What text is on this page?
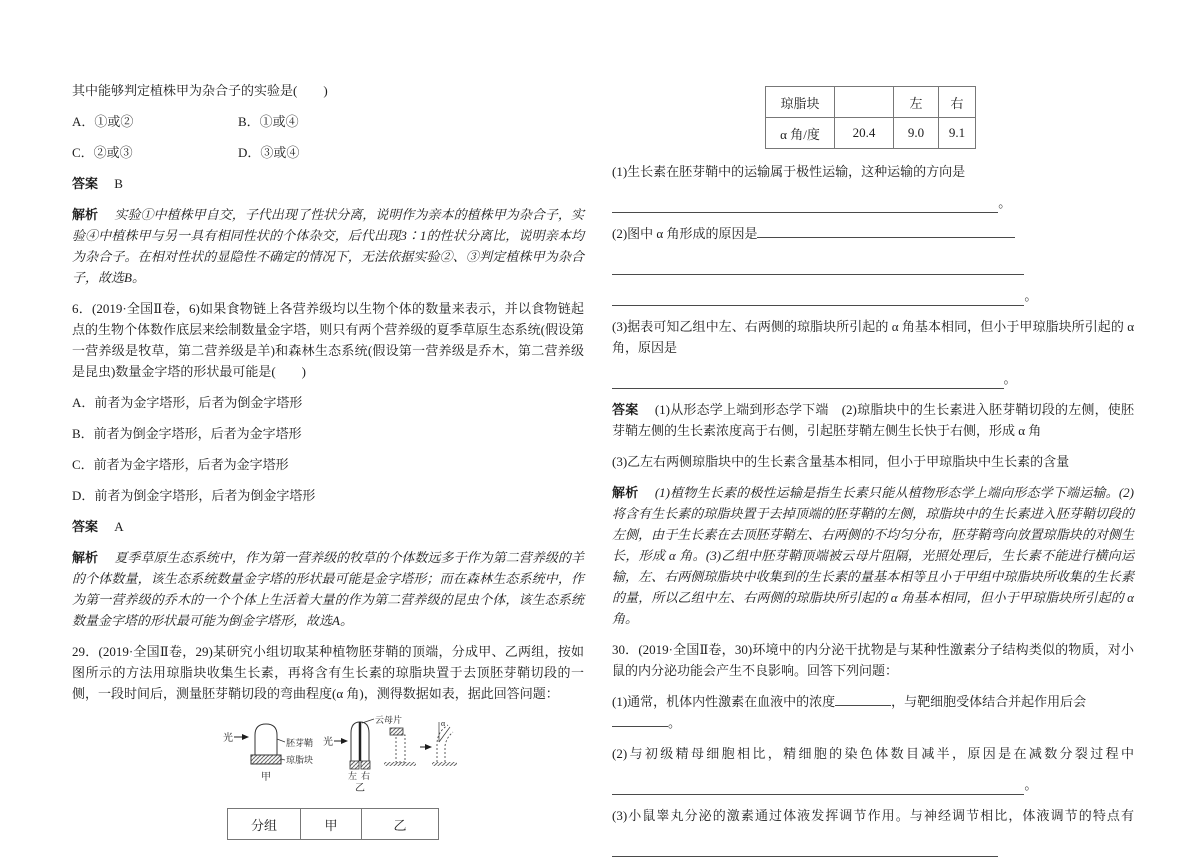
其中能够判定植株甲为杂合子的实验是(　　)

A．①或②	B．①或④
C．②或③	D．③或④

答案 B

解析 实验①中植株甲自交，子代出现了性状分离，说明作为亲本的植株甲为杂合子，实验④中植株甲与另一具有相同性状的个体杂交，后代出现3∶1的性状分离比，说明亲本均为杂合子。在相对性状的显隐性不确定的情况下，无法依据实验②、③判定植株甲为杂合子，故选B。

6．(2019·全国Ⅱ卷，6)如果食物链上各营养级均以生物个体的数量来表示，并以食物链起点的生物个体数作底层来绘制数量金字塔，则只有两个营养级的夏季草原生态系统(假设第一营养级是牧草，第二营养级是羊)和森林生态系统(假设第一营养级是乔木，第二营养级是昆虫)数量金字塔的形状最可能是(　　)

A．前者为金字塔形，后者为倒金字塔形

B．前者为倒金字塔形，后者为金字塔形

C．前者为金字塔形，后者为金字塔形

D．前者为倒金字塔形，后者为倒金字塔形

答案 A

解析 夏季草原生态系统中，作为第一营养级的牧草的个体数远多于作为第二营养级的羊的个体数量，该生态系统数量金字塔的形状最可能是金字塔形；而在森林生态系统中，作为第一营养级的乔木的一个个体上生活着大量的作为第二营养级的昆虫个体，该生态系统数量金字塔的形状最可能为倒金字塔形，故选A。

29．(2019·全国Ⅱ卷，29)某研究小组切取某种植物胚芽鞘的顶端，分成甲、乙两组，按如图所示的方法用琼脂块收集生长素，再将含有生长素的琼脂块置于去顶胚芽鞘切段的一侧，一段时间后，测量胚芽鞘切段的弯曲程度(α 角)，测得数据如表，据此回答问题：

光	胚芽鞘
琼脂块
甲
光
云母片
左 右
乙
α
分组	甲	乙
琼脂块		左	右
α 角/度	20.4	9.0	9.1

(1)生长素在胚芽鞘中的运输属于极性运输，这种运输的方向是

。

(2)图中 α 角形成的原因是

。

(3)据表可知乙组中左、右两侧的琼脂块所引起的 α 角基本相同，但小于甲琼脂块所引起的 α 角，原因是

。

答案 (1)从形态学上端到形态学下端　(2)琼脂块中的生长素进入胚芽鞘切段的左侧，使胚芽鞘左侧的生长素浓度高于右侧，引起胚芽鞘左侧生长快于右侧，形成 α 角

(3)乙左右两侧琼脂块中的生长素含量基本相同，但小于甲琼脂块中生长素的含量

解析 (1)植物生长素的极性运输是指生长素只能从植物形态学上端向形态学下端运输。(2)将含有生长素的琼脂块置于去掉顶端的胚芽鞘的左侧，琼脂块中的生长素进入胚芽鞘切段的左侧，由于生长素在去顶胚芽鞘左、右两侧的不均匀分布，胚芽鞘弯向放置琼脂块的对侧生长，形成 α 角。(3)乙组中胚芽鞘顶端被云母片阻隔，光照处理后，生长素不能进行横向运输，左、右两侧琼脂块中收集到的生长素的量基本相等且小于甲组中琼脂块所收集的生长素的量，所以乙组中左、右两侧的琼脂块所引起的 α 角基本相同，但小于甲琼脂块所引起的 α 角。

30．(2019·全国Ⅱ卷，30)环境中的内分泌干扰物是与某种性激素分子结构类似的物质，对小鼠的内分泌功能会产生不良影响。回答下列问题：

(1)通常，机体内性激素在血液中的浓度	，与靶细胞受体结合并起作用后会。

(2)与初级精母细胞相比，精细胞的染色体数目减半，原因是在减数分裂过程中
。
(3)小鼠睾丸分泌的激素通过体液发挥调节作用。与神经调节相比，体液调节的特点有
